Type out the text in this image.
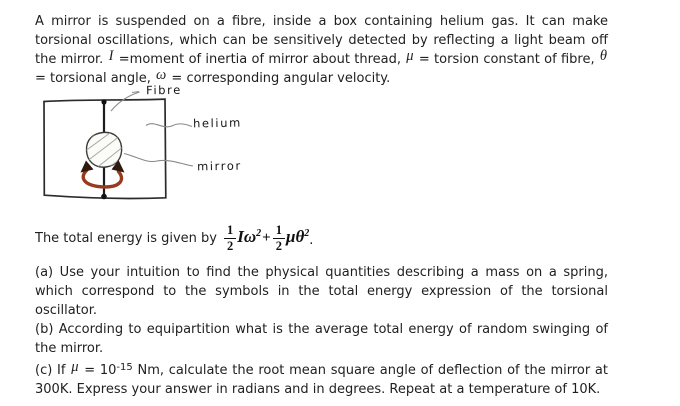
A mirror is suspended on a fibre, inside a box containing helium gas. It can make torsional oscillations, which can be sensitively detected by reflecting a light beam off the mirror. I =moment of inertia of mirror about thread, μ = torsion constant of fibre, θ = torsional angle, ω = corresponding angular velocity.

Fibre
helium
mirror
The total energy is given by $\frac{1}{2} I\omega^2 + \frac{1}{2} \mu\theta^2$ .

(a) Use your intuition to find the physical quantities describing a mass on a spring, which correspond to the symbols in the total energy expression of the torsional oscillator.

(b) According to equipartition what is the average total energy of random swinging of the mirror.

(c) If $\mu = 10^{-15}$ Nm, calculate the root mean square angle of deflection of the mirror at 300K. Express your answer in radians and in degrees. Repeat at a temperature of 10K.
